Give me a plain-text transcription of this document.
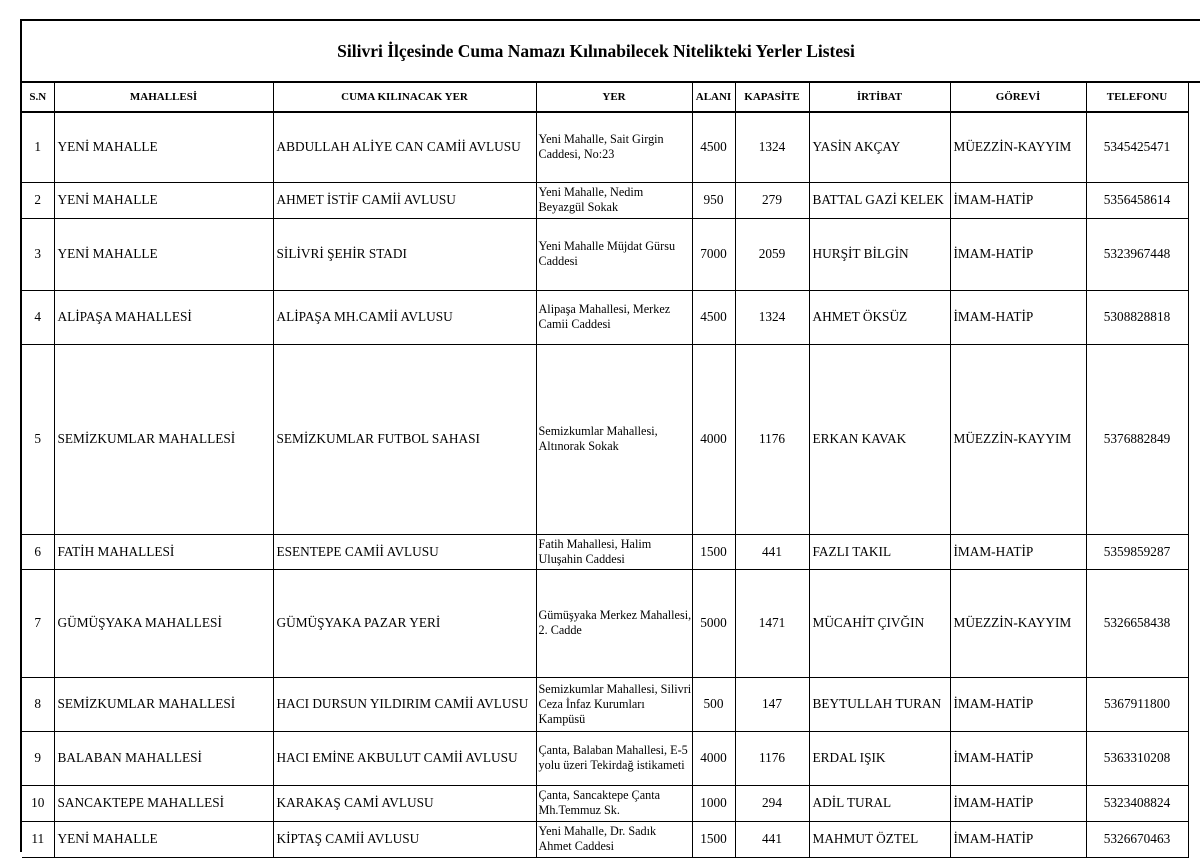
Silivri İlçesinde Cuma Namazı Kılınabilecek Nitelikteki Yerler Listesi
S.N	MAHALLESİ	CUMA KILINACAK YER	YER	ALANI	KAPASİTE	İRTİBAT	GÖREVİ	TELEFONU
1	YENİ MAHALLE	ABDULLAH ALİYE CAN CAMİİ AVLUSU	Yeni Mahalle, Sait Girgin Caddesi, No:23	4500	1324	YASİN AKÇAY	MÜEZZİN-KAYYIM	5345425471
2	YENİ MAHALLE	AHMET İSTİF CAMİİ AVLUSU	Yeni Mahalle, Nedim Beyazgül Sokak	950	279	BATTAL GAZİ KELEK	İMAM-HATİP	5356458614
3	YENİ MAHALLE	SİLİVRİ ŞEHİR STADI	Yeni Mahalle Müjdat Gürsu Caddesi	7000	2059	HURŞİT BİLGİN	İMAM-HATİP	5323967448
4	ALİPAŞA MAHALLESİ	ALİPAŞA MH.CAMİİ AVLUSU	Alipaşa Mahallesi, Merkez Camii Caddesi	4500	1324	AHMET ÖKSÜZ	İMAM-HATİP	5308828818
5	SEMİZKUMLAR MAHALLESİ	SEMİZKUMLAR FUTBOL SAHASI	Semizkumlar Mahallesi, Altınorak Sokak	4000	1176	ERKAN KAVAK	MÜEZZİN-KAYYIM	5376882849
6	FATİH MAHALLESİ	ESENTEPE CAMİİ AVLUSU	Fatih Mahallesi, Halim Uluşahin Caddesi	1500	441	FAZLI TAKIL	İMAM-HATİP	5359859287
7	GÜMÜŞYAKA MAHALLESİ	GÜMÜŞYAKA PAZAR YERİ	Gümüşyaka Merkez Mahallesi, 2. Cadde	5000	1471	MÜCAHİT ÇIVĞIN	MÜEZZİN-KAYYIM	5326658438
8	SEMİZKUMLAR MAHALLESİ	HACI DURSUN YILDIRIM CAMİİ AVLUSU	Semizkumlar Mahallesi, Silivri Ceza İnfaz Kurumları Kampüsü	500	147	BEYTULLAH TURAN	İMAM-HATİP	5367911800
9	BALABAN MAHALLESİ	HACI EMİNE AKBULUT CAMİİ AVLUSU	Çanta, Balaban Mahallesi, E-5 yolu üzeri Tekirdağ istikameti	4000	1176	ERDAL IŞIK	İMAM-HATİP	5363310208
10	SANCAKTEPE MAHALLESİ	KARAKAŞ CAMİ AVLUSU	Çanta, Sancaktepe Çanta Mh.Temmuz Sk.	1000	294	ADİL TURAL	İMAM-HATİP	5323408824
11	YENİ MAHALLE	KİPTAŞ CAMİİ AVLUSU	Yeni Mahalle, Dr. Sadık Ahmet Caddesi	1500	441	MAHMUT ÖZTEL	İMAM-HATİP	5326670463
